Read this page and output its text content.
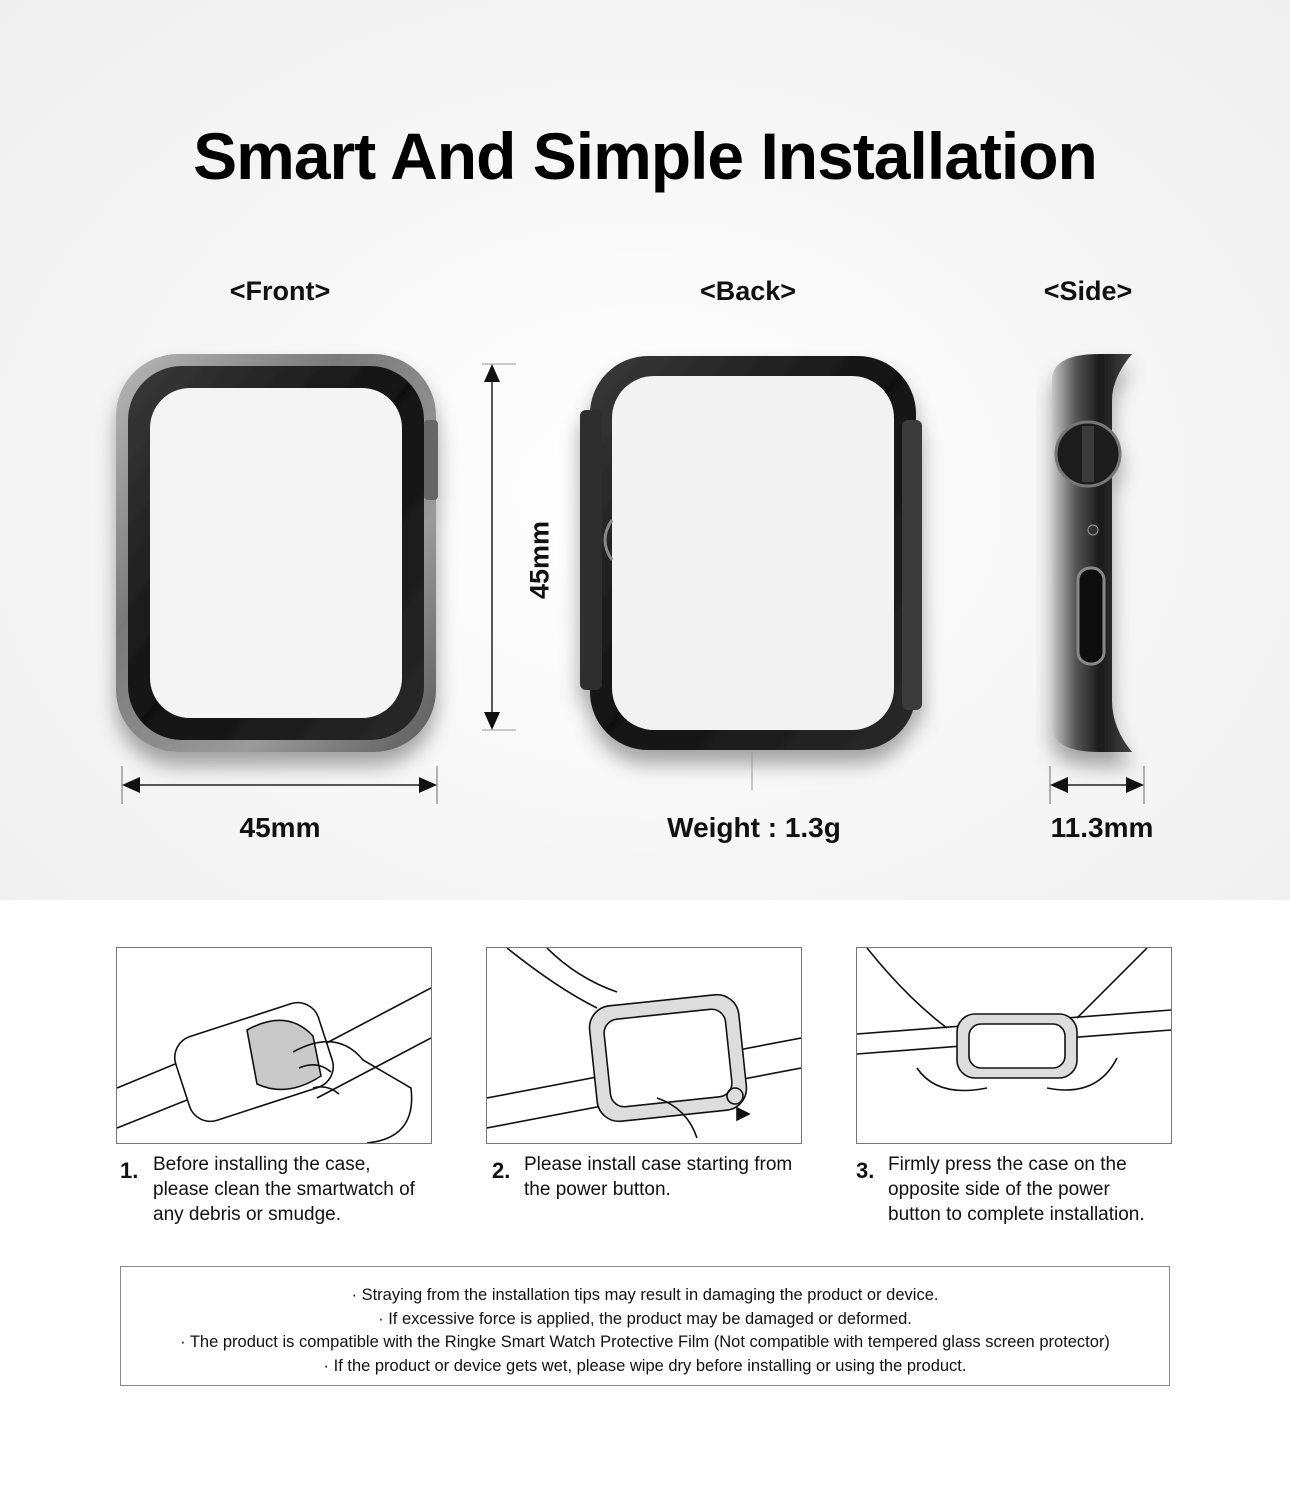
Smart And Simple Installation
<Front>	<Back>	<Side>
45mm
45mm	Weight : 1.3g	11.3mm
1. Before installing the case,
please clean the smartwatch of
any debris or smudge.
2. Please install case starting from
the power button.
3. Firmly press the case on the
opposite side of the power
button to complete installation.
· Straying from the installation tips may result in damaging the product or device.
· If excessive force is applied, the product may be damaged or deformed.
· The product is compatible with the Ringke Smart Watch Protective Film (Not compatible with tempered glass screen protector)
· If the product or device gets wet, please wipe dry before installing or using the product.
